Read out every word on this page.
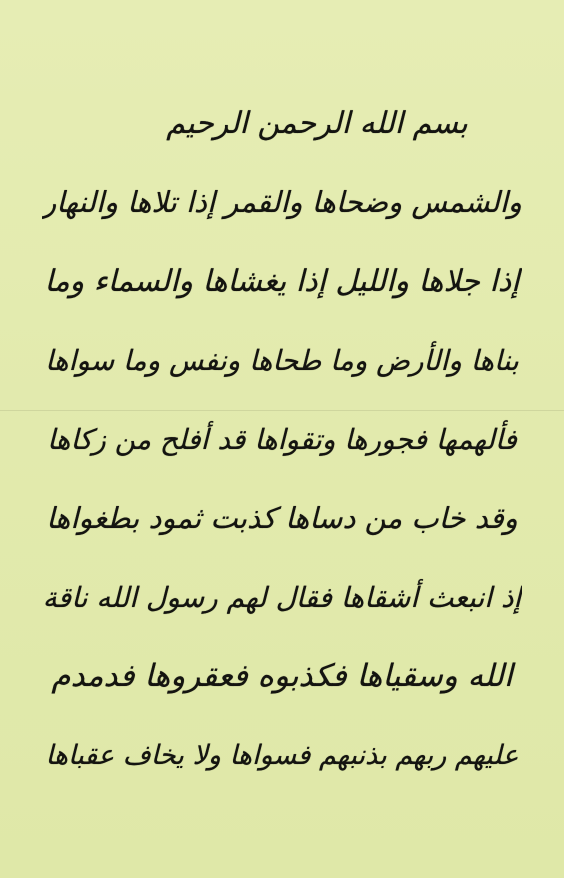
بسم الله الرحمن الرحيم
والشمس وضحاها والقمر إذا تلاها والنهار
إذا جلاها والليل إذا يغشاها والسماء وما
بناها والأرض وما طحاها ونفس وما سواها
فألهمها فجورها وتقواها قد أفلح من زكاها
وقد خاب من دساها كذبت ثمود بطغواها
إذ انبعث أشقاها فقال لهم رسول الله ناقة
الله وسقياها فكذبوه فعقروها فدمدم
عليهم ربهم بذنبهم فسواها ولا يخاف عقباها
